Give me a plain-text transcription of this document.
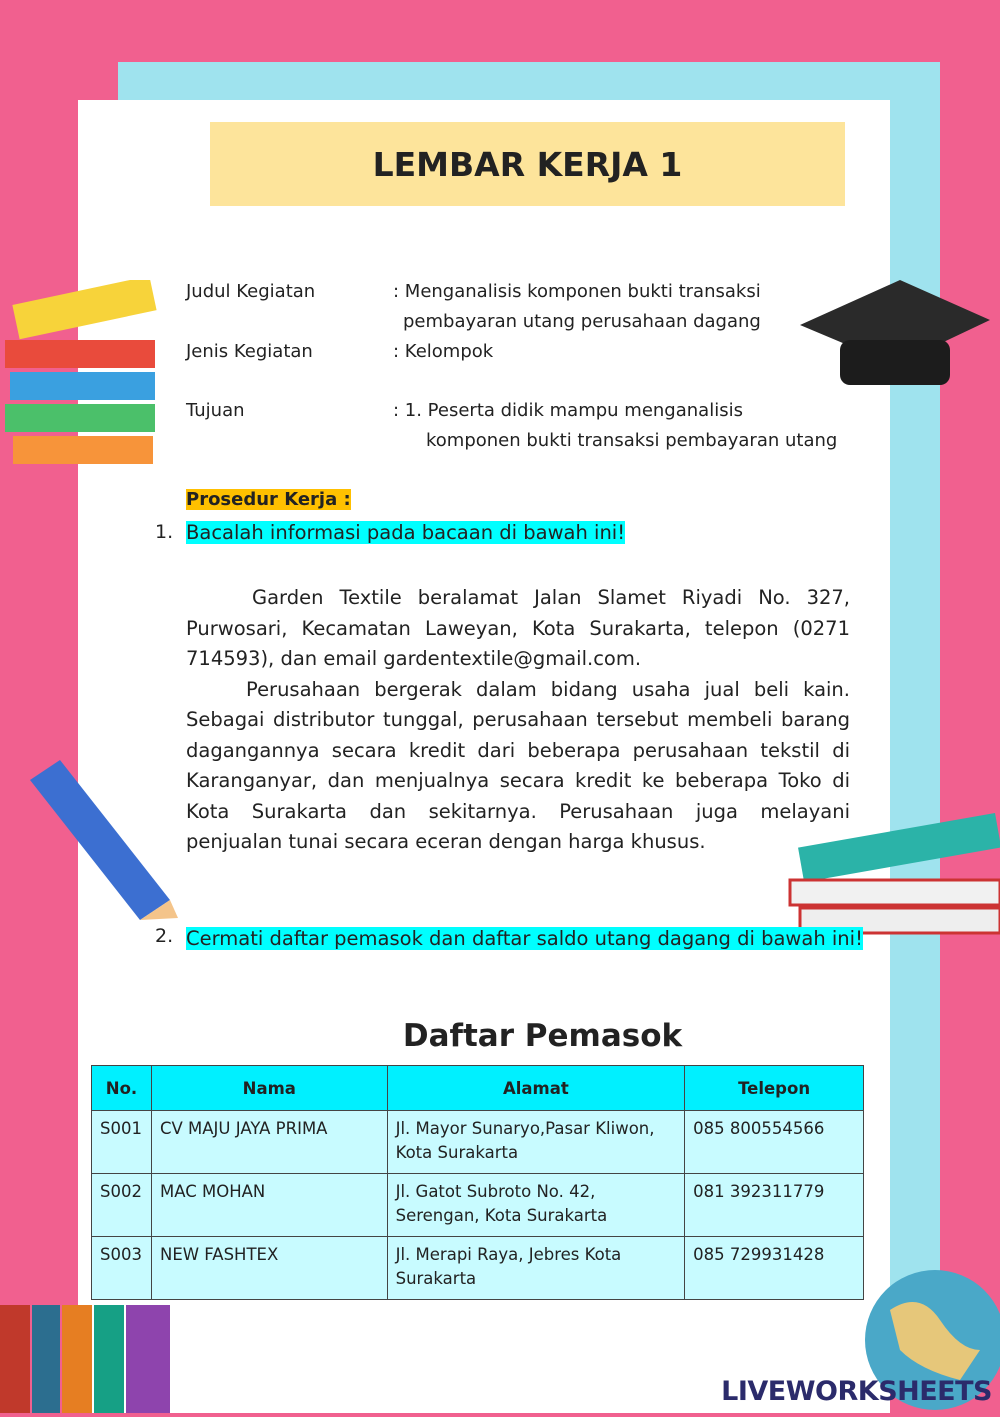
LEMBAR KERJA 1
Judul Kegiatan	: Menganalisis komponen bukti transaksi
pembayaran utang perusahaan dagang
Jenis Kegiatan	: Kelompok
Tujuan	: 1. Peserta didik mampu menganalisis
komponen bukti transaksi pembayaran utang
Prosedur Kerja :
1. Bacalah informasi pada bacaan di bawah ini!

Garden Textile beralamat Jalan Slamet Riyadi No. 327, Purwosari, Kecamatan Laweyan, Kota Surakarta, telepon (0271 714593), dan email gardentextile@gmail.com.

Perusahaan bergerak dalam bidang usaha jual beli kain. Sebagai distributor tunggal, perusahaan tersebut membeli barang dagangannya secara kredit dari beberapa perusahaan tekstil di Karanganyar, dan menjualnya secara kredit ke beberapa Toko di Kota Surakarta dan sekitarnya. Perusahaan juga melayani penjualan tunai secara eceran dengan harga khusus.

2. Cermati daftar pemasok dan daftar saldo utang dagang di bawah ini!
Daftar Pemasok
No.	Nama	Alamat	Telepon
S001	CV MAJU JAYA PRIMA	Jl. Mayor Sunaryo,Pasar Kliwon, Kota Surakarta	085 800554566
S002	MAC MOHAN	Jl. Gatot Subroto No. 42, Serengan, Kota Surakarta	081 392311779
S003	NEW FASHTEX	Jl. Merapi Raya, Jebres Kota Surakarta	085 729931428
LIVEWORKSHEETS
